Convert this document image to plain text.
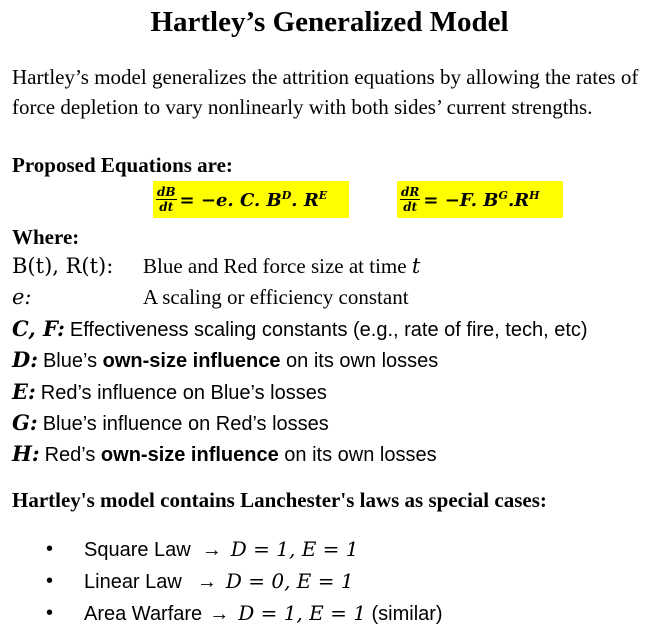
Hartley’s Generalized Model
Hartley’s model generalizes the attrition equations by allowing the rates of force depletion to vary nonlinearly with both sides’ current strengths.
Proposed Equations are:
$\frac{dB}{dt} = -e$. C. $B^D$. $R^E$	$\frac{dR}{dt} = -F$. $B^G.R^H$
Where:
B(t), R(t): Blue and Red force size at time t
e:	A scaling or efficiency constant
C, F: Effectiveness scaling constants (e.g., rate of fire, tech, etc)
D: Blue’s own-size influence on its own losses
E: Red’s influence on Blue’s losses
G: Blue’s influence on Red’s losses
H: Red’s own-size influence on its own losses
Hartley's model contains Lanchester's laws as special cases:
• Square Law → D = 1, E = 1
• Linear Law → D = 0, E = 1
• Area Warfare → D = 1, E = 1 (similar)
